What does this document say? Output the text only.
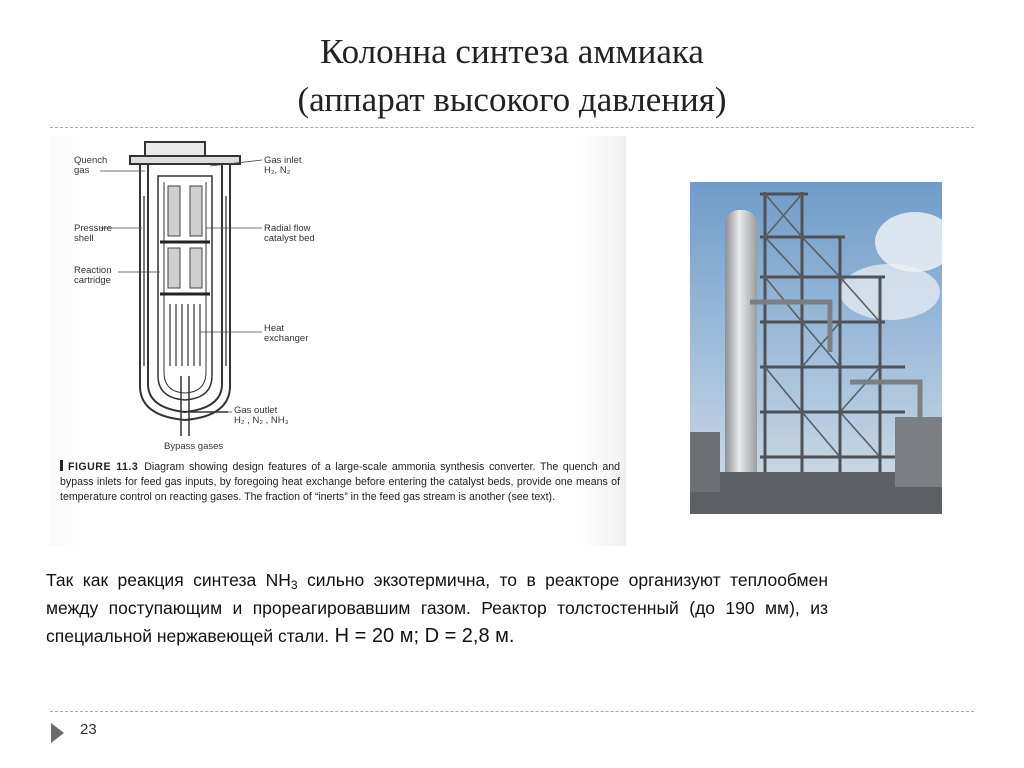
Колонна синтеза аммиака
(аппарат высокого давления)
Quench
gas
Pressure
shell
Reaction
cartridge
Gas inlet
H₂, N₂
Radial flow
catalyst bed
Heat
exchanger
Gas outlet
H₂ , N₂ , NH₃
Bypass gases
FIGURE 11.3 Diagram showing design features of a large-scale ammonia synthesis converter. The quench and bypass inlets for feed gas inputs, by foregoing heat exchange before entering the catalyst beds, provide one means of temperature control on reacting gases. The fraction of “inerts” in the feed gas stream is another (see text).
Так как реакция синтеза $NH_3$ сильно экзотермична, то в реакторе организуют теплообмен между поступающим и прореагировавшим газом. Реактор толстостенный (до 190 мм), из специальной нержавеющей стали. H = 20 м; D = 2,8 м.
23
